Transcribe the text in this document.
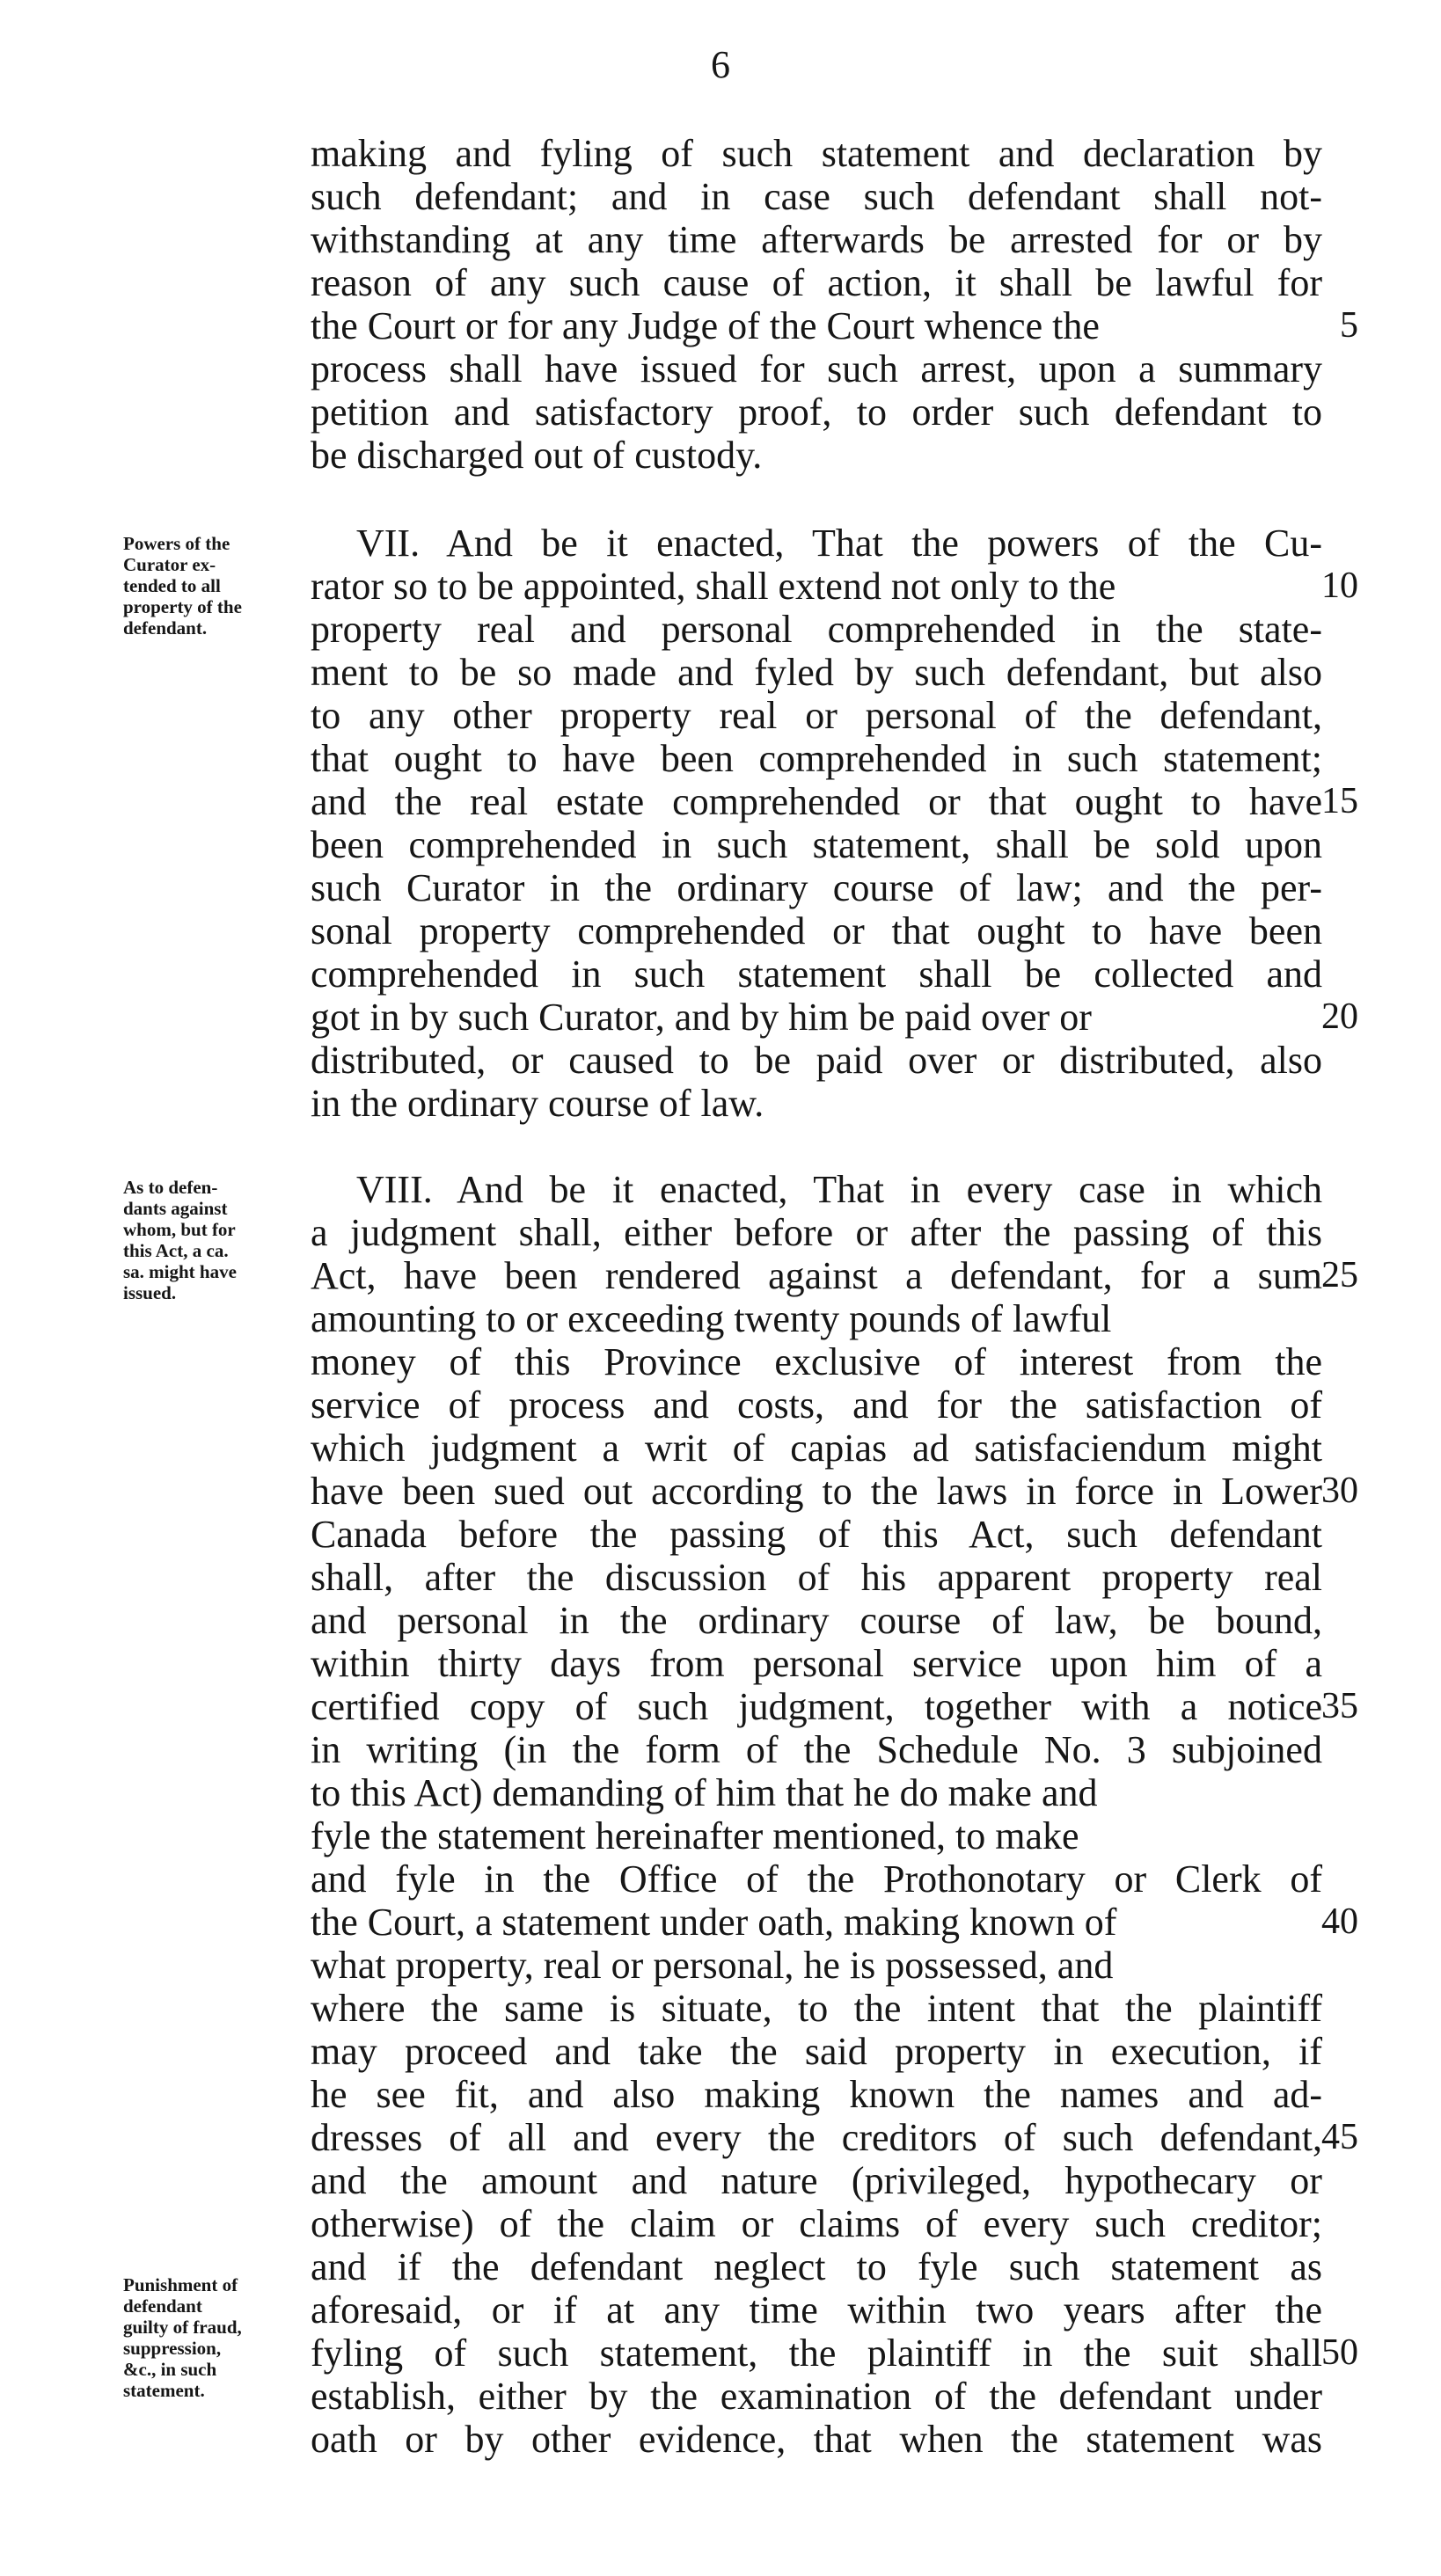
6
making and fyling of such statement and declaration by
such defendant; and in case such defendant shall not-
withstanding at any time afterwards be arrested for or by
reason of any such cause of action, it shall be lawful for
the Court or for any Judge of the Court whence the	5
process shall have issued for such arrest, upon a summary
petition and satisfactory proof, to order such defendant to
be discharged out of custody.
VII. And be it enacted, That the powers of the Cu-
rator so to be appointed, shall extend not only to the	10
property real and personal comprehended in the state-
ment to be so made and fyled by such defendant, but also
to any other property real or personal of the defendant,
that ought to have been comprehended in such statement;
and the real estate comprehended or that ought to have 15
been comprehended in such statement, shall be sold upon
such Curator in the ordinary course of law; and the per-
sonal property comprehended or that ought to have been
comprehended in such statement shall be collected and
got in by such Curator, and by him be paid over or	20
distributed, or caused to be paid over or distributed, also
in the ordinary course of law.
Powers of the
Curator ex-
tended to all
property of the
defendant.
VIII. And be it enacted, That in every case in which
a judgment shall, either before or after the passing of this
Act, have been rendered against a defendant, for a sum 25
amounting to or exceeding twenty pounds of lawful
money of this Province exclusive of interest from the
service of process and costs, and for the satisfaction of
which judgment a writ of capias ad satisfaciendum might
have been sued out according to the laws in force in Lower 30
Canada before the passing of this Act, such defendant
shall, after the discussion of his apparent property real
and personal in the ordinary course of law, be bound,
within thirty days from personal service upon him of a
certified copy of such judgment, together with a notice
35
in writing (in the form of the Schedule No. 3 subjoined
to this Act) demanding of him that he do make and
fyle the statement hereinafter mentioned, to make
and fyle in the Office of the Prothonotary or Clerk of
the Court, a statement under oath, making known of	40
what property, real or personal, he is possessed, and
where the same is situate, to the intent that the plaintiff
may proceed and take the said property in execution, if
he see fit, and also making known the names and ad-
dresses of all and every the creditors of such defendant,
45
and the amount and nature (privileged, hypothecary or
otherwise) of the claim or claims of every such creditor;
and if the defendant neglect to fyle such statement as
aforesaid, or if at any time within two years after the
fyling of such statement, the plaintiff in the suit shall 50
establish, either by the examination of the defendant under
oath or by other evidence, that when the statement was
As to defen-
dants against
whom, but for
this Act, a ca.
sa. might have
issued.
Punishment of
defendant
guilty of fraud,
suppression,
&c., in such
statement.
